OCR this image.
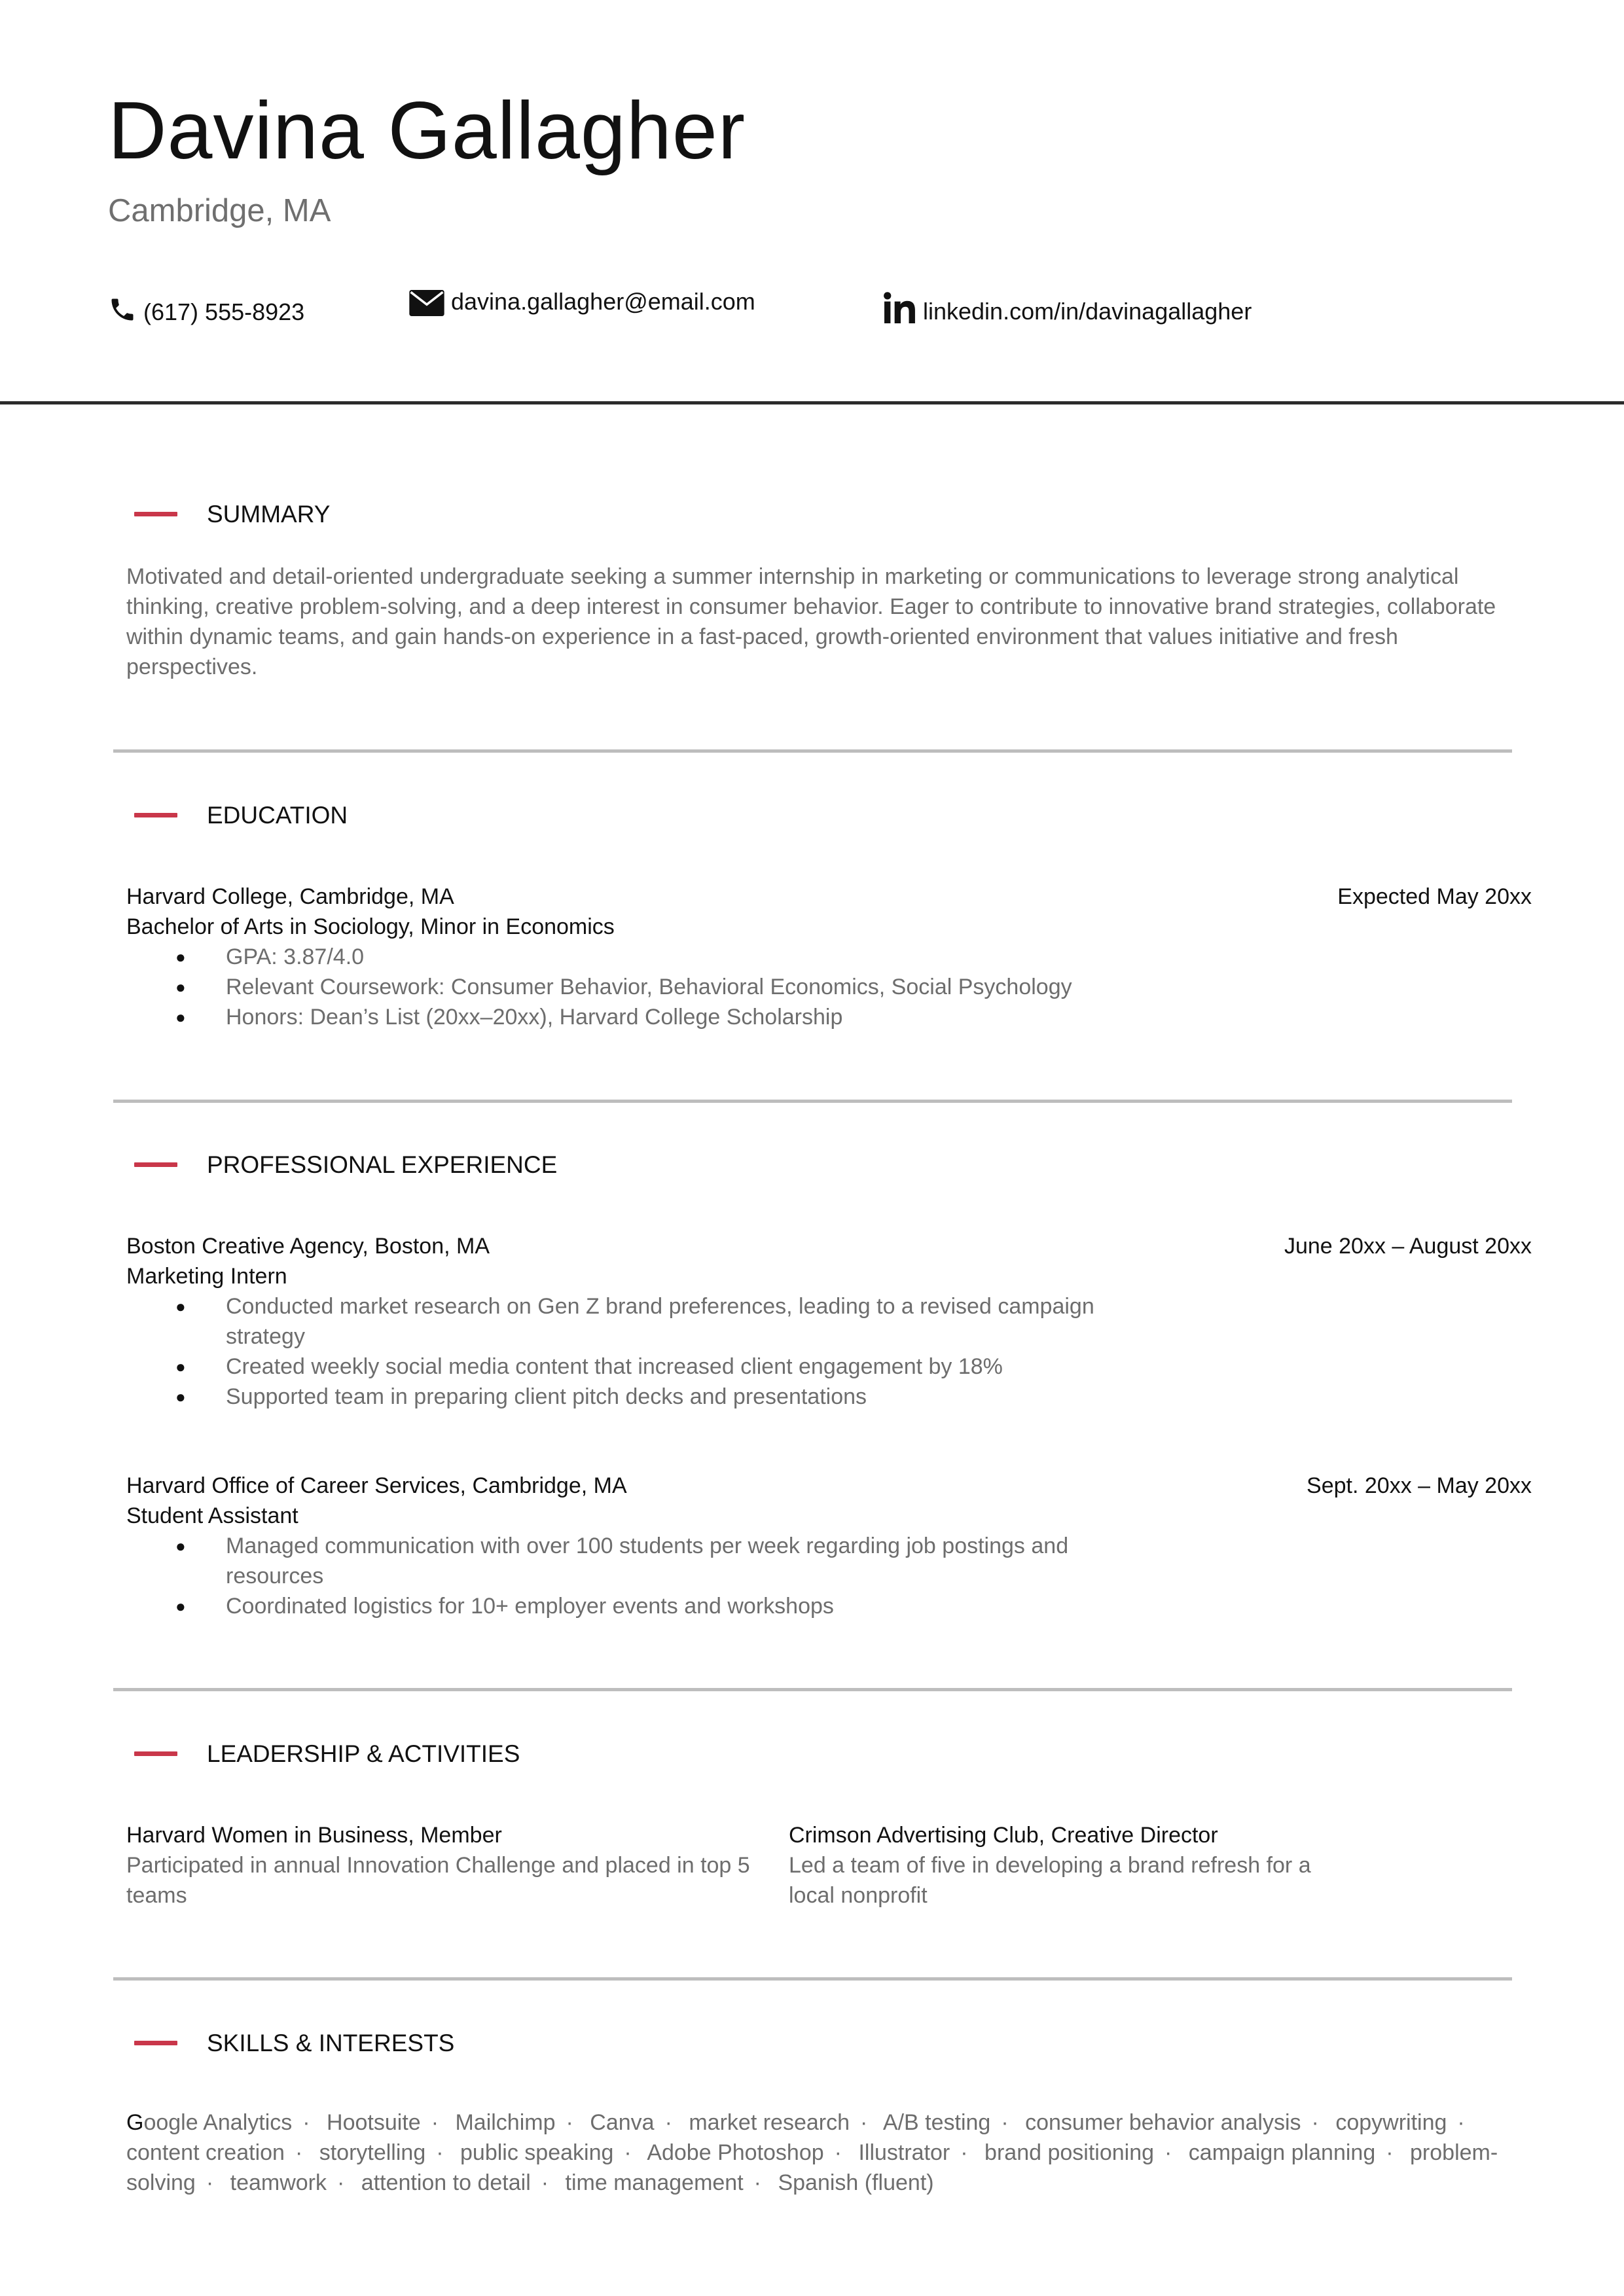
Davina Gallagher
Cambridge, MA
(617) 555-8923	davina.gallagher@email.com	linkedin.com/in/davinagallagher
SUMMARY
Motivated and detail-oriented undergraduate seeking a summer internship in marketing or communications to leverage strong analytical thinking, creative problem-solving, and a deep interest in consumer behavior. Eager to contribute to innovative brand strategies, collaborate within dynamic teams, and gain hands-on experience in a fast-paced, growth-oriented environment that values initiative and fresh perspectives.
EDUCATION
Harvard College, Cambridge, MA	Expected May 20xx
Bachelor of Arts in Sociology, Minor in Economics
● GPA: 3.87/4.0
● Relevant Coursework: Consumer Behavior, Behavioral Economics, Social Psychology
● Honors: Dean’s List (20xx–20xx), Harvard College Scholarship
PROFESSIONAL EXPERIENCE
Boston Creative Agency, Boston, MA	June 20xx – August 20xx
Marketing Intern
● Conducted market research on Gen Z brand preferences, leading to a revised campaign strategy
● Created weekly social media content that increased client engagement by 18%
● Supported team in preparing client pitch decks and presentations
Harvard Office of Career Services, Cambridge, MA	Sept. 20xx – May 20xx
Student Assistant
● Managed communication with over 100 students per week regarding job postings and resources
● Coordinated logistics for 10+ employer events and workshops
LEADERSHIP & ACTIVITIES
Harvard Women in Business, Member
Participated in annual Innovation Challenge and placed in top 5 teams
Crimson Advertising Club, Creative Director
Led a team of five in developing a brand refresh for a local nonprofit
SKILLS & INTERESTS
Google Analytics · Hootsuite · Mailchimp · Canva · market research · A/B testing · consumer behavior analysis · copywriting · content creation · storytelling · public speaking · Adobe Photoshop · Illustrator · brand positioning · campaign planning · problem-solving · teamwork · attention to detail · time management · Spanish (fluent)
